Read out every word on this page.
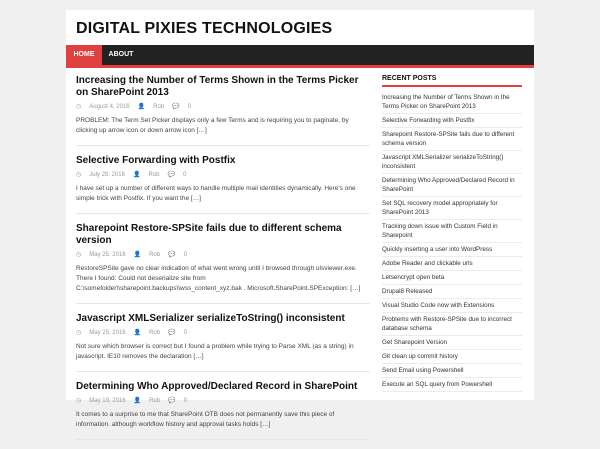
DIGITAL PIXIES TECHNOLOGIES
HOME	ABOUT
Increasing the Number of Terms Shown in the Terms Picker on SharePoint 2013
◷ August 4, 2016 👤 Rob 💬 0
PROBLEM: The Term Set Picker displays only a few Terms and is requiring you to paginate, by clicking up arrow icon or down arrow icon […]
Selective Forwarding with Postfix
◷ July 28, 2016 👤 Rob 💬 0
I have set up a number of different ways to handle multiple mail identities dynamically. Here's one simple trick with Postfix. If you want the […]
Sharepoint Restore-SPSite fails due to different schema version
◷ May 25, 2016 👤 Rob 💬 0
RestoreSPSite gave no clear indication of what went wrong until I browsed through ulsviewer.exe. There I found: Could not deserialize site from C:\somefolder\\sharepoint.backups\\wss_content_xyz.bak . Microsoft.SharePoint.SPException: […]
Javascript XMLSerializer serializeToString() inconsistent
◷ May 25, 2016 👤 Rob 💬 0
Not sure which browser is correct but I found a problem while trying to Parse XML (as a string) in javascript. IE10 removes the declaration […]
Determining Who Approved/Declared Record in SharePoint
◷ May 19, 2016 👤 Rob 💬 0
It comes to a surprise to me that SharePoint OTB does not permanently save this piece of information. although workflow history and approval tasks holds […]
RECENT POSTS
Increasing the Number of Terms Shown in the Terms Picker on SharePoint 2013
Selective Forwarding with Postfix
Sharepoint Restore-SPSite fails due to different schema version
Javascript XMLSerializer serializeToString() inconsistent
Determining Who Approved/Declared Record in SharePoint
Set SQL recovery model appropriately for SharePoint 2013
Tracking down issue with Custom Field in Sharepoint
Quickly inserting a user into WordPress
Adobe Reader and clickable urls
Letsencrypt open beta
Drupal8 Released
Visual Studio Code now with Extensions
Problems with Restore-SPSite due to incorrect database schema
Get Sharepoint Version
Git clean up commit history
Send Email using Powershell
Execute an SQL query from Powershell
